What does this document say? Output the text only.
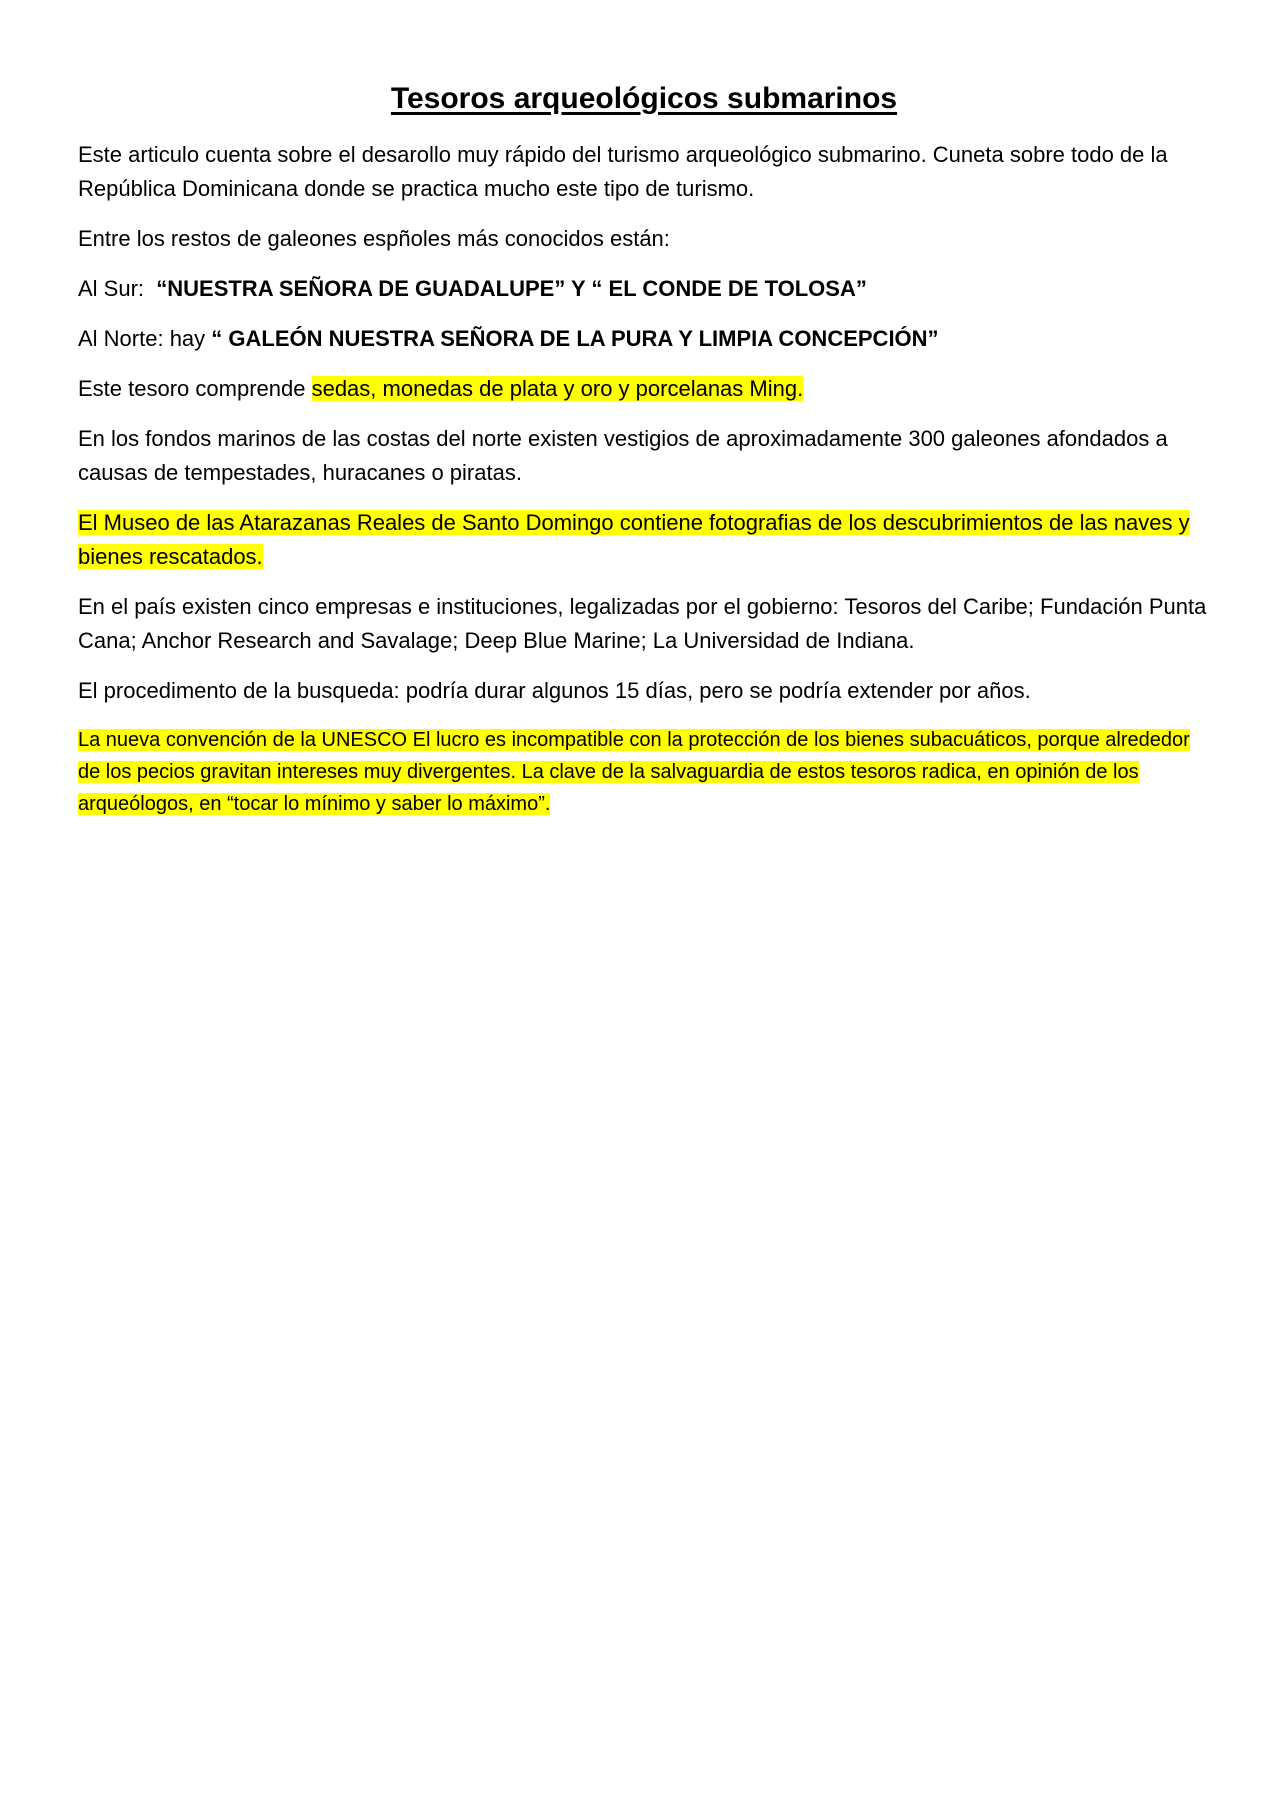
Tesoros arqueológicos submarinos

Este articulo cuenta sobre el desarollo muy rápido del turismo arqueológico submarino. Cuneta sobre todo de la República Dominicana donde se practica mucho este tipo de turismo.

Entre los restos de galeones espñoles más conocidos están:

Al Sur:  “NUESTRA SEÑORA DE GUADALUPE” Y “ EL CONDE DE TOLOSA”

Al Norte: hay “ GALEÓN NUESTRA SEÑORA DE LA PURA Y LIMPIA CONCEPCIÓN”

Este tesoro comprende sedas, monedas de plata y oro y porcelanas Ming.

En los fondos marinos de las costas del norte existen vestigios de aproximadamente 300 galeones afondados a causas de tempestades, huracanes o piratas.

El Museo de las Atarazanas Reales de Santo Domingo contiene fotografias de los descubrimientos de las naves y bienes rescatados.

En el país existen cinco empresas e instituciones, legalizadas por el gobierno: Tesoros del Caribe; Fundación Punta Cana; Anchor Research and Savalage; Deep Blue Marine; La Universidad de Indiana.

El procedimento de la busqueda: podría durar algunos 15 días, pero se podría extender por años.

La nueva convención de la UNESCO El lucro es incompatible con la protección de los bienes subacuáticos, porque alrededor de los pecios gravitan intereses muy divergentes. La clave de la salvaguardia de estos tesoros radica, en opinión de los arqueólogos, en “tocar lo mínimo y saber lo máximo”.
